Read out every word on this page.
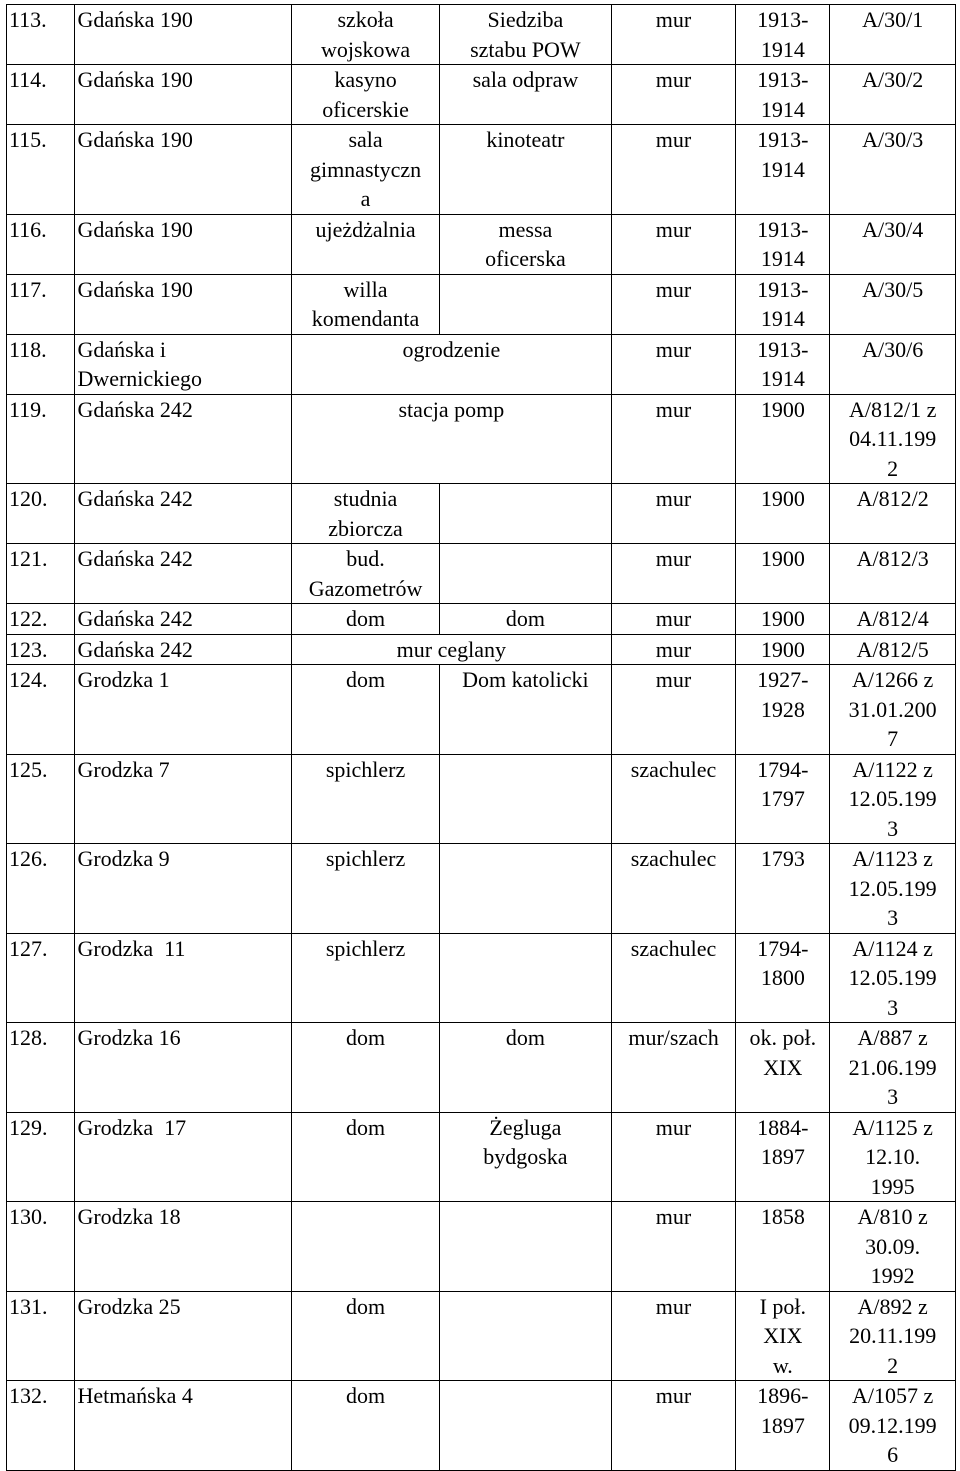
113.	Gdańska 190	szkoła
wojskowa	Siedziba
sztabu POW	mur	1913-
1914	A/30/1
114.	Gdańska 190	kasyno
oficerskie	sala odpraw	mur	1913-
1914	A/30/2
115.	Gdańska 190	sala
gimnastyczn
a	kinoteatr	mur	1913-
1914	A/30/3
116.	Gdańska 190	ujeżdżalnia	messa
oficerska	mur	1913-
1914	A/30/4
117.	Gdańska 190	willa
komendanta		mur	1913-
1914	A/30/5
118.	Gdańska i
Dwernickiego	ogrodzenie		mur	1913-
1914	A/30/6
119.	Gdańska 242	stacja pomp		mur	1900	A/812/1 z
04.11.199
2
120.	Gdańska 242	studnia
zbiorcza		mur	1900	A/812/2
121.	Gdańska 242	bud.
Gazometrów		mur	1900	A/812/3
122.	Gdańska 242	dom	dom	mur	1900	A/812/4
123.	Gdańska 242	mur ceglany		mur	1900	A/812/5
124.	Grodzka 1	dom	Dom katolicki	mur	1927-
1928	A/1266 z
31.01.200
7
125.	Grodzka 7	spichlerz		szachulec	1794-
1797	A/1122 z
12.05.199
3
126.	Grodzka 9	spichlerz		szachulec	1793	A/1123 z
12.05.199
3
127.	Grodzka  11	spichlerz		szachulec	1794-
1800	A/1124 z
12.05.199
3
128.	Grodzka 16	dom	dom	mur/szach	ok. poł.
XIX	A/887 z
21.06.199
3
129.	Grodzka  17	dom	Żegluga
bydgoska	mur	1884-
1897	A/1125 z
12.10.
1995
130.	Grodzka 18			mur	1858	A/810 z
30.09.
1992
131.	Grodzka 25	dom		mur	I poł. XIX
w.	A/892 z
20.11.199
2
132.	Hetmańska 4	dom		mur	1896-
1897	A/1057 z
09.12.199
6
